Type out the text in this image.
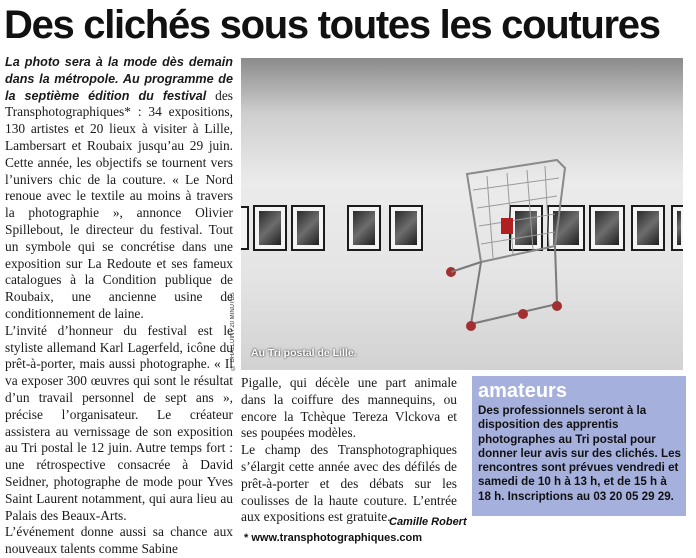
Des clichés sous toutes les coutures

La photo sera à la mode dès demain dans la métropole. Au programme de la septième édition du festival des Transphotographiques* : 34 expositions, 130 artistes et 20 lieux à visiter à Lille, Lambersart et Roubaix jusqu’au 29 juin. Cette année, les objectifs se tournent vers l’univers chic de la couture. « Le Nord renoue avec le textile au moins à travers la photographie », annonce Olivier Spillebout, le directeur du festival. Tout un symbole qui se concrétise dans une exposition sur La Redoute et ses fameux catalogues à la Condition publique de Roubaix, une ancienne usine de conditionnement de laine.

L’invité d’honneur du festival est le styliste allemand Karl Lagerfeld, icône du prêt-à-porter, mais aussi photographe. « Il va exposer 300 œuvres qui sont le résultat d’un travail personnel de sept ans », précise l’organisateur. Le créateur assistera au vernissage de son exposition au Tri postal le 12 juin. Autre temps fort : une rétrospective consacrée à David Seidner, photographe de mode pour Yves Saint Laurent notamment, qui aura lieu au Palais des Beaux-Arts.

L’événement donne aussi sa chance aux nouveaux talents comme Sabine

Au Tri postal de Lille.
© DHALLUIN / 20 MINUTES

Pigalle, qui décèle une part animale dans la coiffure des mannequins, ou encore la Tchèque Tereza Vlckova et ses poupées modèles.

Le champ des Transphotographiques s’élargit cette année avec des défilés de prêt-à-porter et des débats sur les coulisses de la haute couture. L’entrée aux expositions est gratuite.

Camille Robert
* www.transphotographiques.com
amateurs
Des professionnels seront à la disposition des apprentis photographes au Tri postal pour donner leur avis sur des clichés. Les rencontres sont prévues vendredi et samedi de 10 h à 13 h, et de 15 h à 18 h. Inscriptions au 03 20 05 29 29.
